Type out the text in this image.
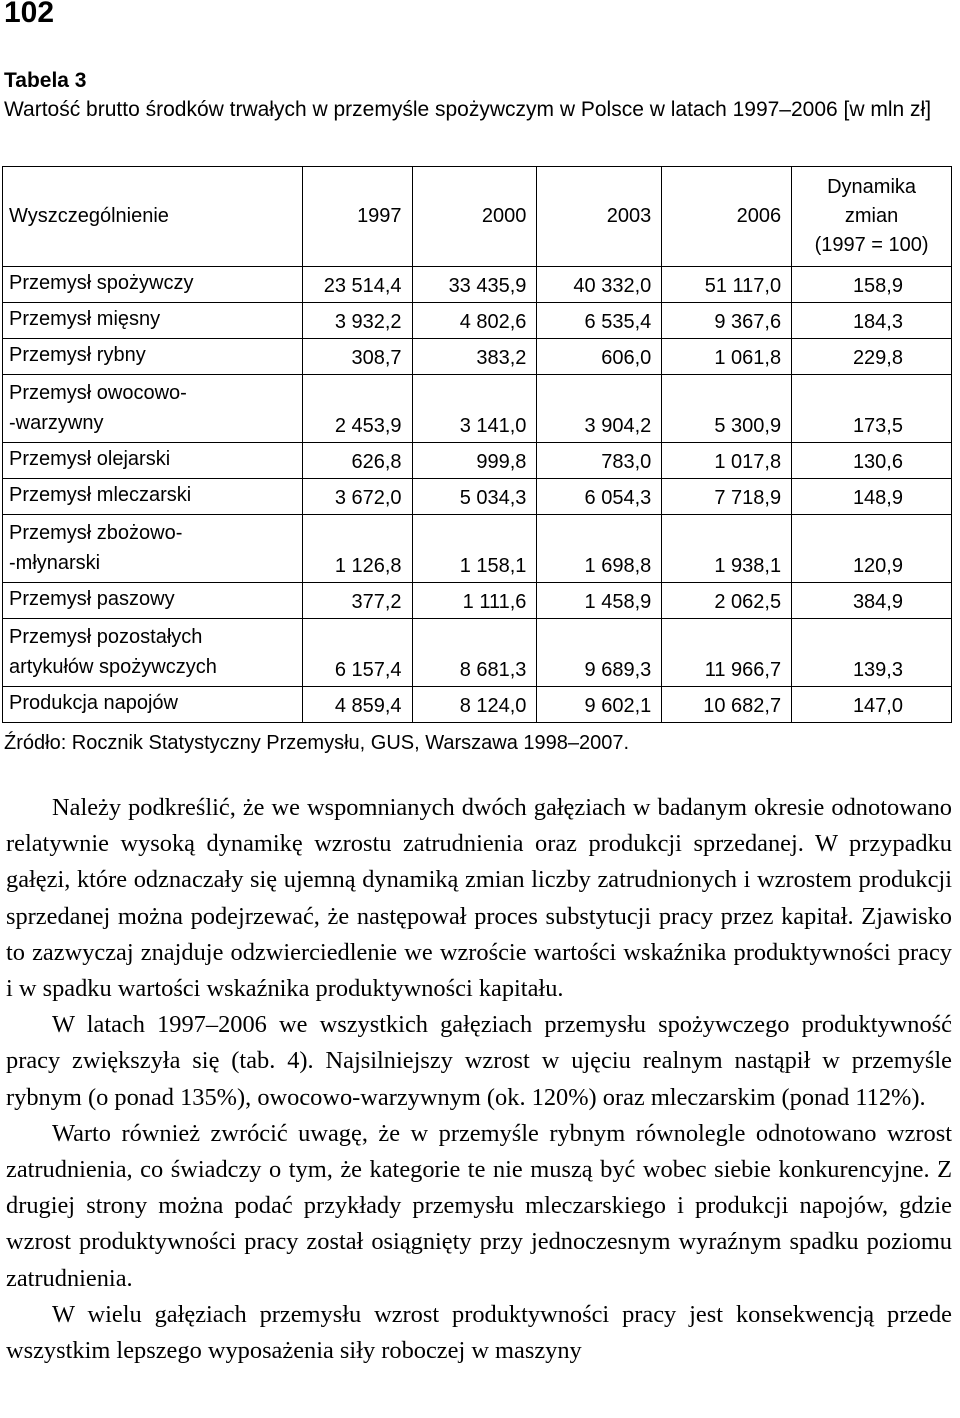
102
Tabela 3
Wartość brutto środków trwałych w przemyśle spożywczym w Polsce w latach 1997–2006 [w mln zł]
Wyszczególnienie	1997	2000	2003	2006	Dynamika
zmian
(1997 = 100)

Przemysł spożywczy	23 514,4	33 435,9	40 332,0	51 117,0	158,9

Przemysł mięsny	3 932,2	4 802,6	6 535,4	9 367,6	184,3

Przemysł rybny	308,7	383,2	606,0	1 061,8	229,8

Przemysł owocowo-
-warzywny	2 453,9	3 141,0	3 904,2	5 300,9	173,5

Przemysł olejarski	626,8	999,8	783,0	1 017,8	130,6

Przemysł mleczarski	3 672,0	5 034,3	6 054,3	7 718,9	148,9

Przemysł zbożowo-
-młynarski	1 126,8	1 158,1	1 698,8	1 938,1	120,9

Przemysł paszowy	377,2	1 111,6	1 458,9	2 062,5	384,9

Przemysł pozostałych
artykułów spożywczych	6 157,4	8 681,3	9 689,3	11 966,7	139,3

Produkcja napojów	4 859,4	8 124,0	9 602,1	10 682,7	147,0
Źródło: Rocznik Statystyczny Przemysłu, GUS, Warszawa 1998–2007.

Należy podkreślić, że we wspomnianych dwóch gałęziach w badanym okresie odnotowano relatywnie wysoką dynamikę wzrostu zatrudnienia oraz produkcji sprzedanej. W przypadku gałęzi, które odznaczały się ujemną dynamiką zmian liczby zatrudnionych i wzrostem produkcji sprzedanej można podejrzewać, że następował proces substytucji pracy przez kapitał. Zjawisko to zazwyczaj znajduje odzwierciedlenie we wzroście wartości wskaźnika produktywności pracy i w spadku wartości wskaźnika produktywności kapitału.

W latach 1997–2006 we wszystkich gałęziach przemysłu spożywczego produktywność pracy zwiększyła się (tab. 4). Najsilniejszy wzrost w ujęciu realnym nastąpił w przemyśle rybnym (o ponad 135%), owocowo-warzywnym (ok. 120%) oraz mleczarskim (ponad 112%).

Warto również zwrócić uwagę, że w przemyśle rybnym równolegle odnotowano wzrost zatrudnienia, co świadczy o tym, że kategorie te nie muszą być wobec siebie konkurencyjne. Z drugiej strony można podać przykłady przemysłu mleczarskiego i produkcji napojów, gdzie wzrost produktywności pracy został osiągnięty przy jednoczesnym wyraźnym spadku poziomu zatrudnienia.

W wielu gałęziach przemysłu wzrost produktywności pracy jest konsekwencją przede wszystkim lepszego wyposażenia siły roboczej w maszyny
